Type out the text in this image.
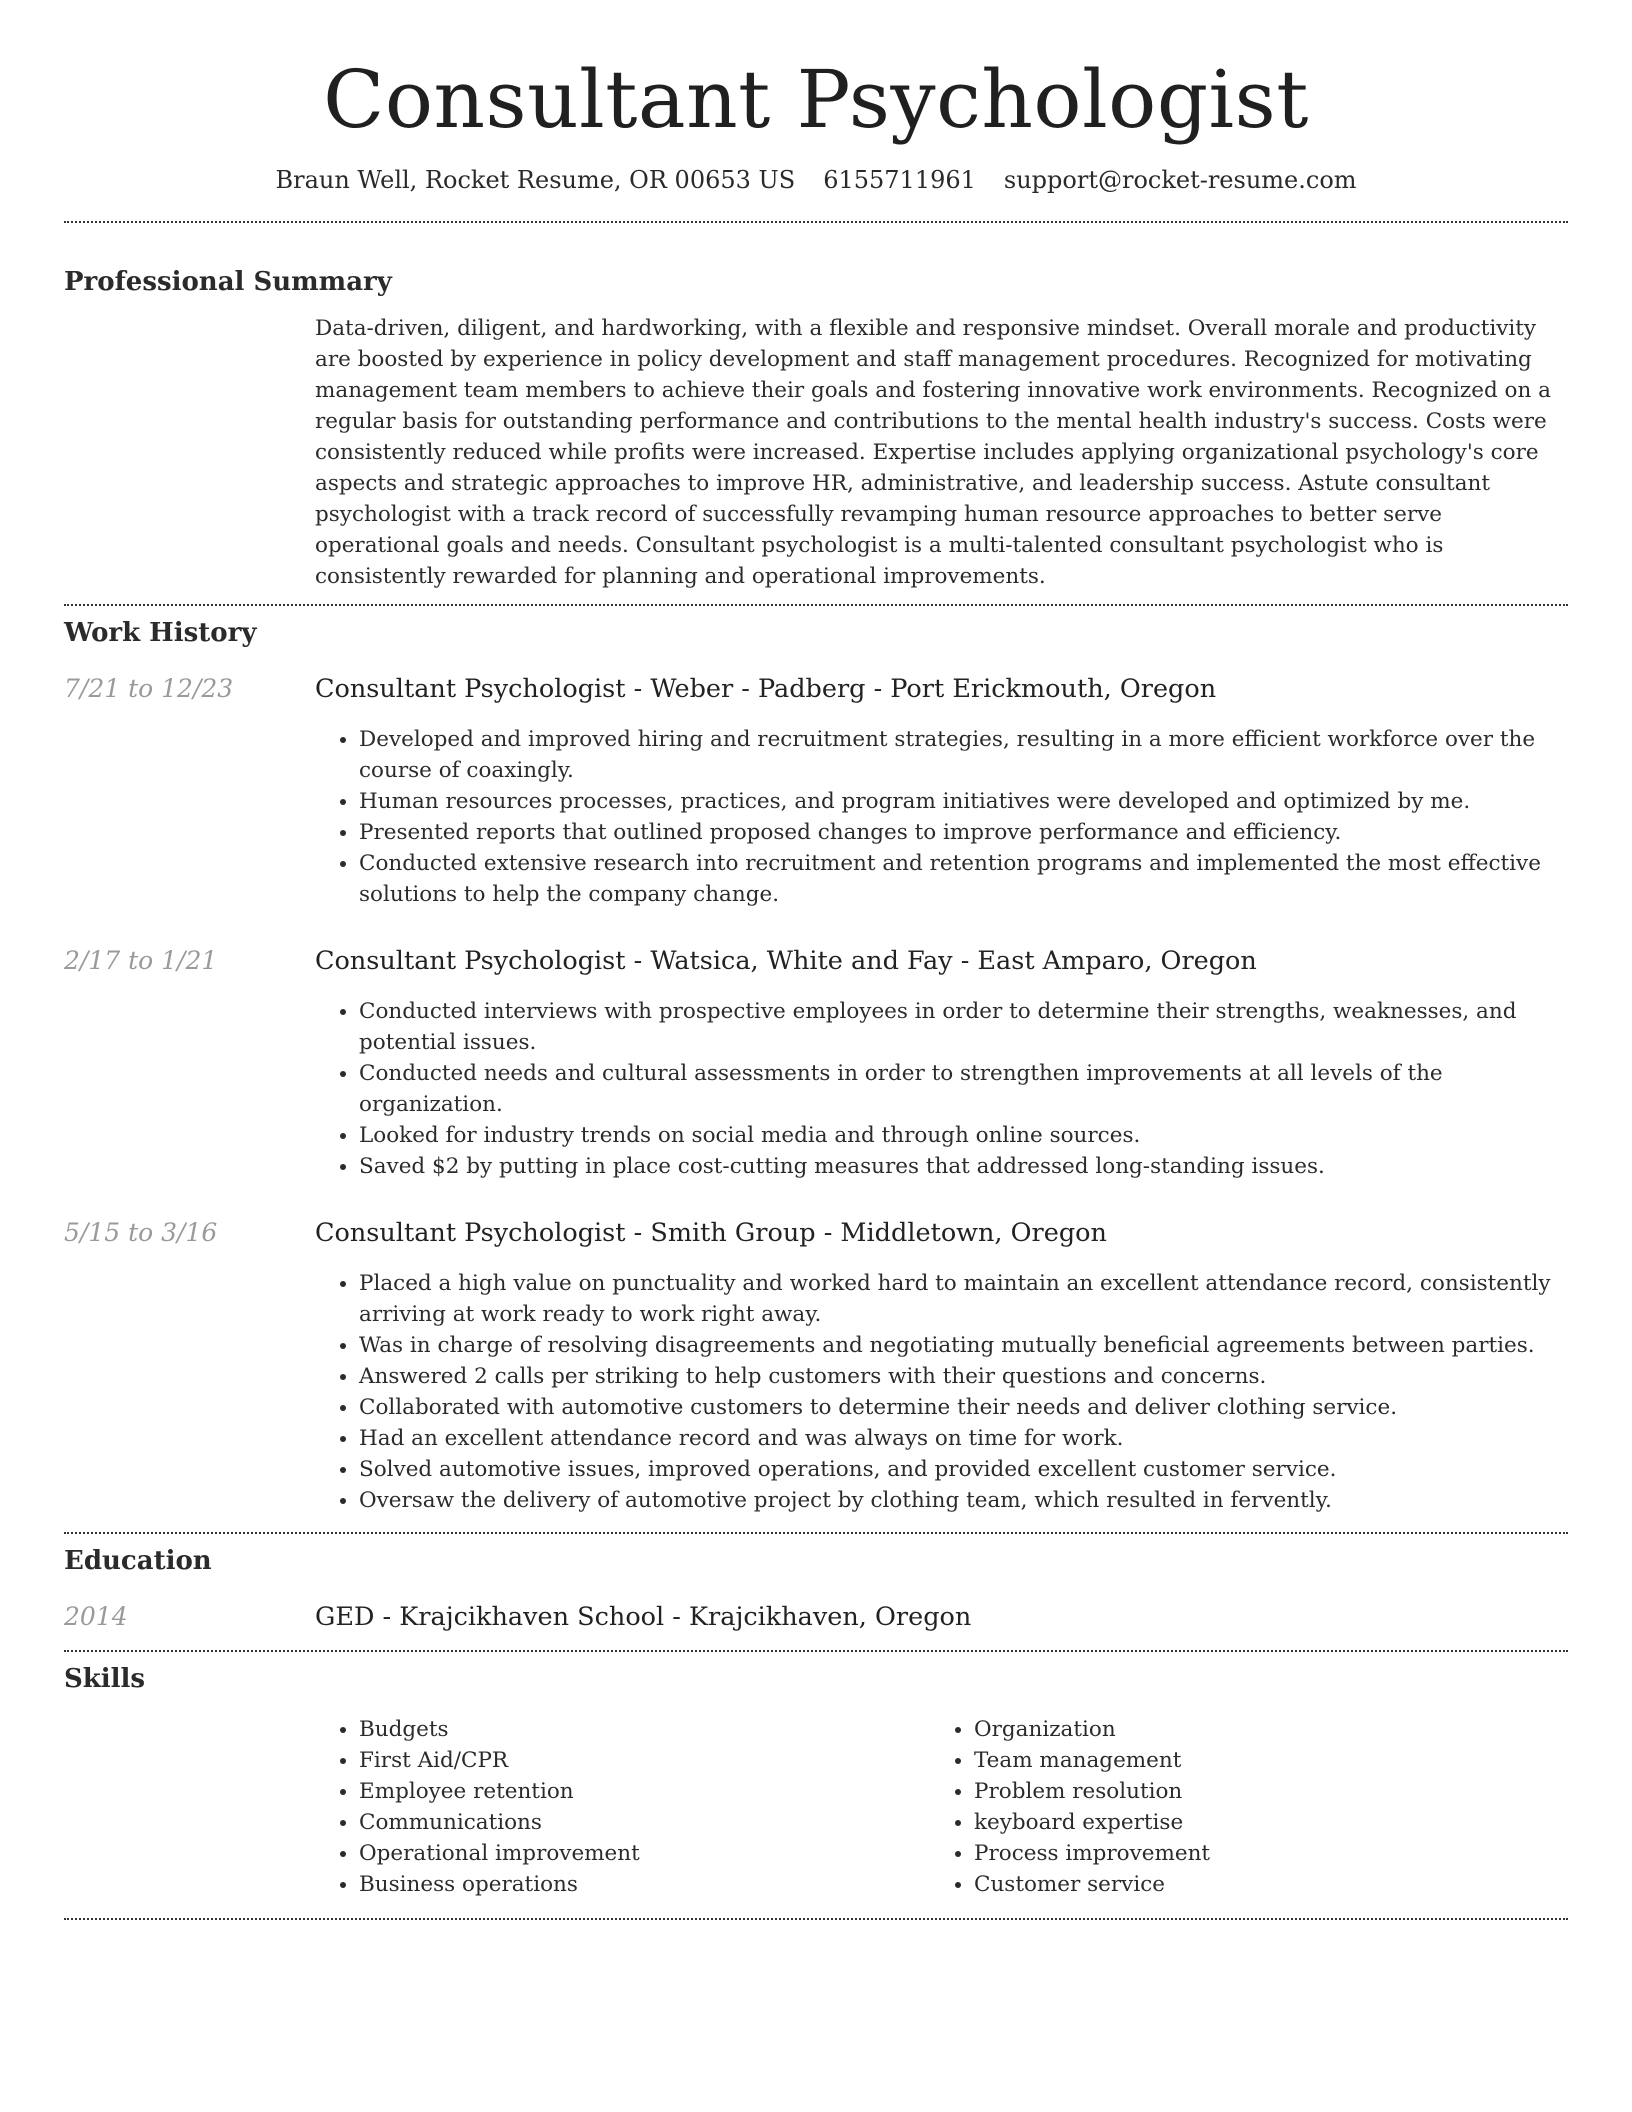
Consultant Psychologist
Braun Well, Rocket Resume, OR 00653 US 6155711961 support@rocket-resume.com
Professional Summary
Data-driven, diligent, and hardworking, with a flexible and responsive mindset. Overall morale and productivity are boosted by experience in policy development and staff management procedures. Recognized for motivating management team members to achieve their goals and fostering innovative work environments. Recognized on a regular basis for outstanding performance and contributions to the mental health industry's success. Costs were consistently reduced while profits were increased. Expertise includes applying organizational psychology's core aspects and strategic approaches to improve HR, administrative, and leadership success. Astute consultant psychologist with a track record of successfully revamping human resource approaches to better serve operational goals and needs. Consultant psychologist is a multi-talented consultant psychologist who is consistently rewarded for planning and operational improvements.
Work History
7/21 to 12/23	Consultant Psychologist - Weber - Padberg - Port Erickmouth, Oregon
• Developed and improved hiring and recruitment strategies, resulting in a more efficient workforce over the course of coaxingly.
• Human resources processes, practices, and program initiatives were developed and optimized by me.
• Presented reports that outlined proposed changes to improve performance and efficiency.
• Conducted extensive research into recruitment and retention programs and implemented the most effective solutions to help the company change.
2/17 to 1/21	Consultant Psychologist - Watsica, White and Fay - East Amparo, Oregon
• Conducted interviews with prospective employees in order to determine their strengths, weaknesses, and potential issues.
• Conducted needs and cultural assessments in order to strengthen improvements at all levels of the organization.
• Looked for industry trends on social media and through online sources.
• Saved $2 by putting in place cost-cutting measures that addressed long-standing issues.
5/15 to 3/16	Consultant Psychologist - Smith Group - Middletown, Oregon
• Placed a high value on punctuality and worked hard to maintain an excellent attendance record, consistently arriving at work ready to work right away.
• Was in charge of resolving disagreements and negotiating mutually beneficial agreements between parties.
• Answered 2 calls per striking to help customers with their questions and concerns.
• Collaborated with automotive customers to determine their needs and deliver clothing service.
• Had an excellent attendance record and was always on time for work.
• Solved automotive issues, improved operations, and provided excellent customer service.
• Oversaw the delivery of automotive project by clothing team, which resulted in fervently.
Education
2014	GED - Krajcikhaven School - Krajcikhaven, Oregon
Skills
• Budgets
• First Aid/CPR
• Employee retention
• Communications
• Operational improvement
• Business operations
• Organization
• Team management
• Problem resolution
• keyboard expertise
• Process improvement
• Customer service
